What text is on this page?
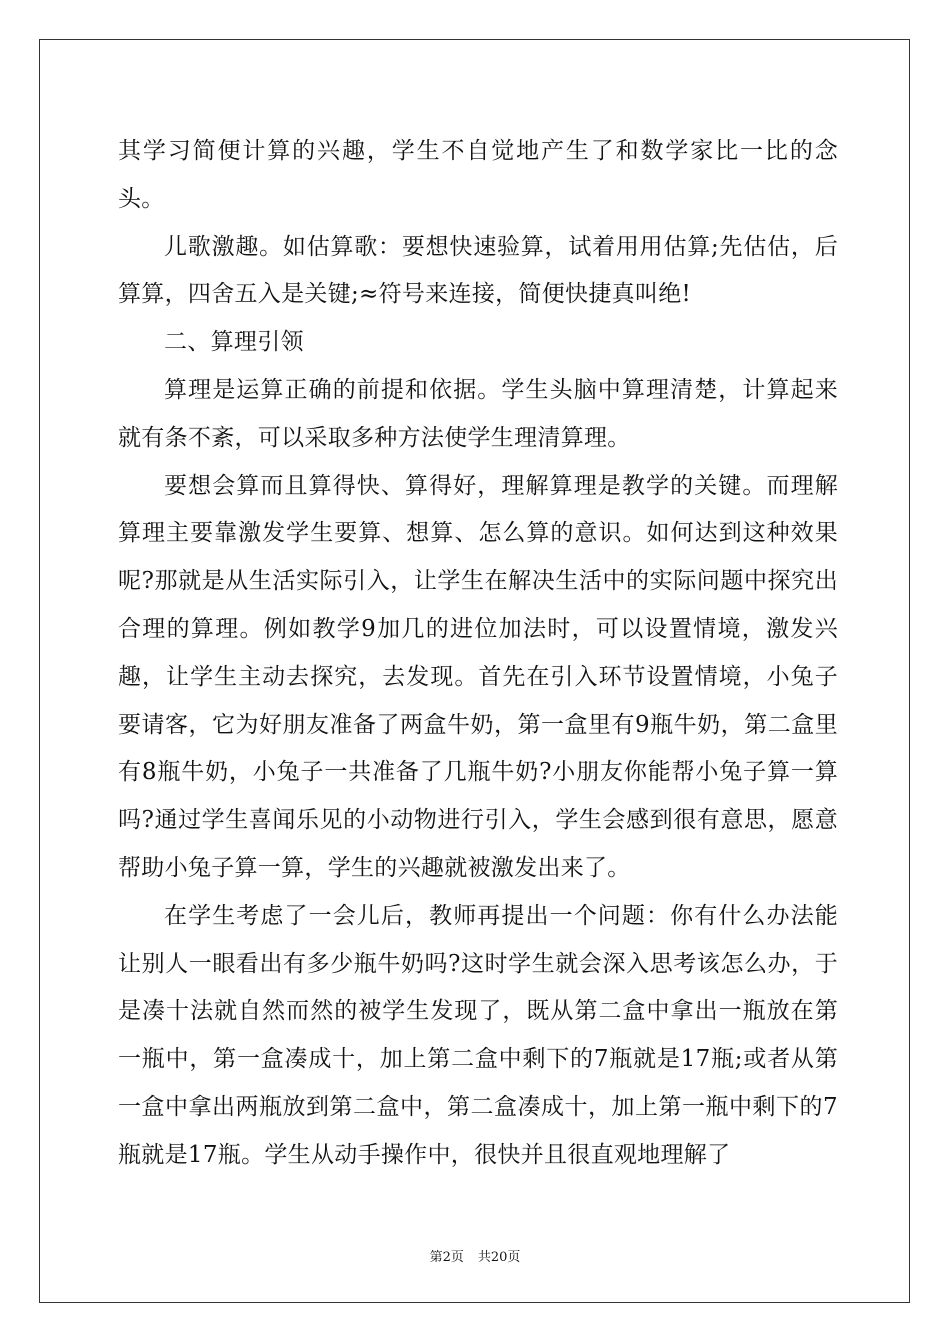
其学习简便计算的兴趣，学生不自觉地产生了和数学家比一比的念头。

儿歌激趣。如估算歌：要想快速验算，试着用用估算;先估估，后算算，四舍五入是关键;≈符号来连接，简便快捷真叫绝!

二、算理引领

算理是运算正确的前提和依据。学生头脑中算理清楚，计算起来就有条不紊，可以采取多种方法使学生理清算理。

要想会算而且算得快、算得好，理解算理是教学的关键。而理解算理主要靠激发学生要算、想算、怎么算的意识。如何达到这种效果呢?那就是从生活实际引入，让学生在解决生活中的实际问题中探究出合理的算理。例如教学9加几的进位加法时，可以设置情境，激发兴趣，让学生主动去探究，去发现。首先在引入环节设置情境，小兔子要请客，它为好朋友准备了两盒牛奶，第一盒里有9瓶牛奶，第二盒里有8瓶牛奶，小兔子一共准备了几瓶牛奶?小朋友你能帮小兔子算一算吗?通过学生喜闻乐见的小动物进行引入，学生会感到很有意思，愿意帮助小兔子算一算，学生的兴趣就被激发出来了。

在学生考虑了一会儿后，教师再提出一个问题：你有什么办法能让别人一眼看出有多少瓶牛奶吗?这时学生就会深入思考该怎么办，于是凑十法就自然而然的被学生发现了，既从第二盒中拿出一瓶放在第一瓶中，第一盒凑成十，加上第二盒中剩下的7瓶就是17瓶;或者从第一盒中拿出两瓶放到第二盒中，第二盒凑成十，加上第一瓶中剩下的7瓶就是17瓶。学生从动手操作中，很快并且很直观地理解了

第2页 共20页
